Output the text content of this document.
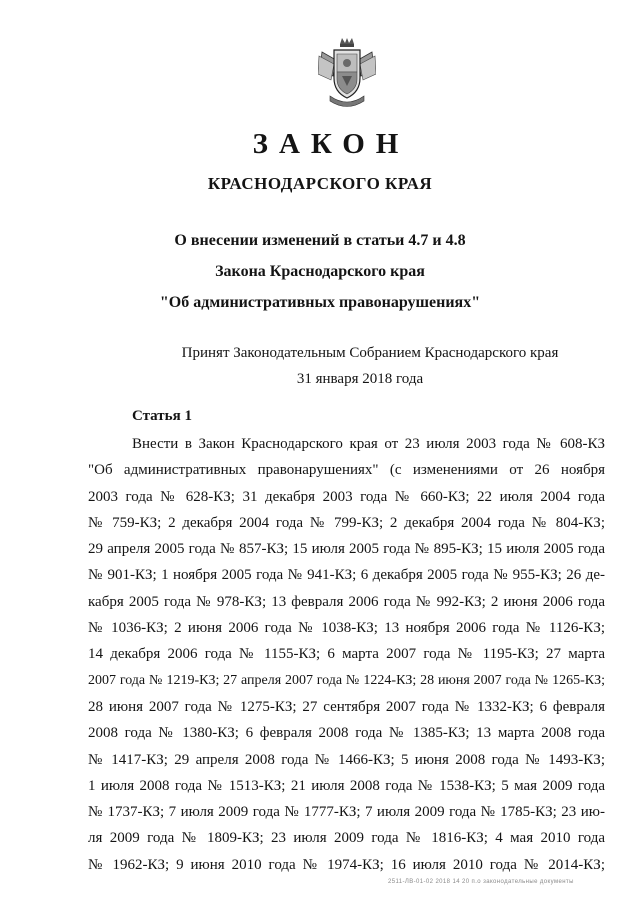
ЗАКОН
КРАСНОДАРСКОГО КРАЯ
О внесении изменений в статьи 4.7 и 4.8
Закона Краснодарского края
"Об административных правонарушениях"
Принят Законодательным Собранием Краснодарского края
31 января 2018 года
Статья 1
Внести в Закон Краснодарского края от 23 июля 2003 года № 608-КЗ
"Об административных правонарушениях" (с изменениями от 26 ноября
2003 года № 628-КЗ; 31 декабря 2003 года № 660-КЗ; 22 июля 2004 года
№ 759-КЗ; 2 декабря 2004 года № 799-КЗ; 2 декабря 2004 года № 804-КЗ;
29 апреля 2005 года № 857-КЗ; 15 июля 2005 года № 895-КЗ; 15 июля 2005 года
№ 901-КЗ; 1 ноября 2005 года № 941-КЗ; 6 декабря 2005 года № 955-КЗ; 26 де-
кабря 2005 года № 978-КЗ; 13 февраля 2006 года № 992-КЗ; 2 июня 2006 года
№ 1036-КЗ; 2 июня 2006 года № 1038-КЗ; 13 ноября 2006 года № 1126-КЗ;
14 декабря 2006 года № 1155-КЗ; 6 марта 2007 года № 1195-КЗ; 27 марта
2007 года № 1219-КЗ; 27 апреля 2007 года № 1224-КЗ; 28 июня 2007 года № 1265-КЗ;
28 июня 2007 года № 1275-КЗ; 27 сентября 2007 года № 1332-КЗ; 6 февраля
2008 года № 1380-КЗ; 6 февраля 2008 года № 1385-КЗ; 13 марта 2008 года
№ 1417-КЗ; 29 апреля 2008 года № 1466-КЗ; 5 июня 2008 года № 1493-КЗ;
1 июля 2008 года № 1513-КЗ; 21 июля 2008 года № 1538-КЗ; 5 мая 2009 года
№ 1737-КЗ; 7 июля 2009 года № 1777-КЗ; 7 июля 2009 года № 1785-КЗ; 23 ию-
ля 2009 года № 1809-КЗ; 23 июля 2009 года № 1816-КЗ; 4 мая 2010 года
№ 1962-КЗ; 9 июня 2010 года № 1974-КЗ; 16 июля 2010 года № 2014-КЗ;
2511-ЛВ-01-02 2018 14 20 п.о законодательные документы
